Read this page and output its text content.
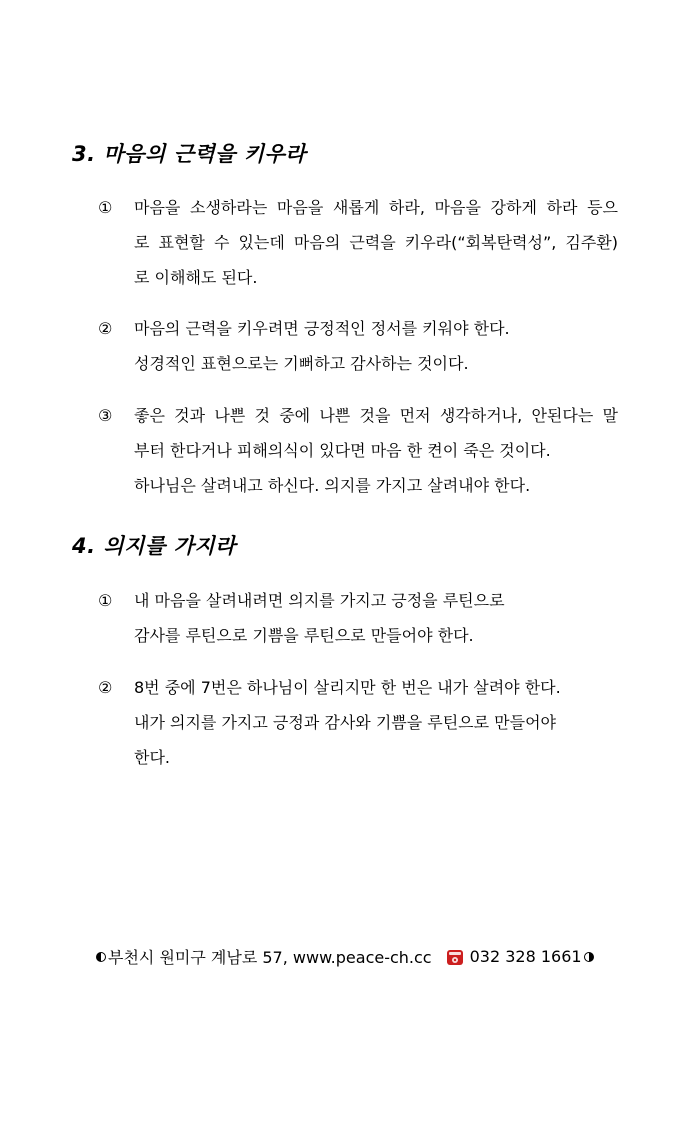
3. 마음의 근력을 키우라
①	마음을 소생하라는 마음을 새롭게 하라, 마음을 강하게 하라 등으
로 표현할 수 있는데 마음의 근력을 키우라(“회복탄력성”, 김주환)
로 이해해도 된다.
②	마음의 근력을 키우려면 긍정적인 정서를 키워야 한다.
성경적인 표현으로는 기뻐하고 감사하는 것이다.
③	좋은 것과 나쁜 것 중에 나쁜 것을 먼저 생각하거나, 안된다는 말
부터 한다거나 피해의식이 있다면 마음 한 켠이 죽은 것이다.
하나님은 살려내고 하신다. 의지를 가지고 살려내야 한다.
4. 의지를 가지라
①	내 마음을 살려내려면 의지를 가지고 긍정을 루틴으로
감사를 루틴으로 기쁨을 루틴으로 만들어야 한다.
②	8번 중에 7번은 하나님이 살리지만 한 번은 내가 살려야 한다.
내가 의지를 가지고 긍정과 감사와 기쁨을 루틴으로 만들어야
한다.
부천시 원미구 계남로 57, www.peace-ch.cc 032 328 1661
